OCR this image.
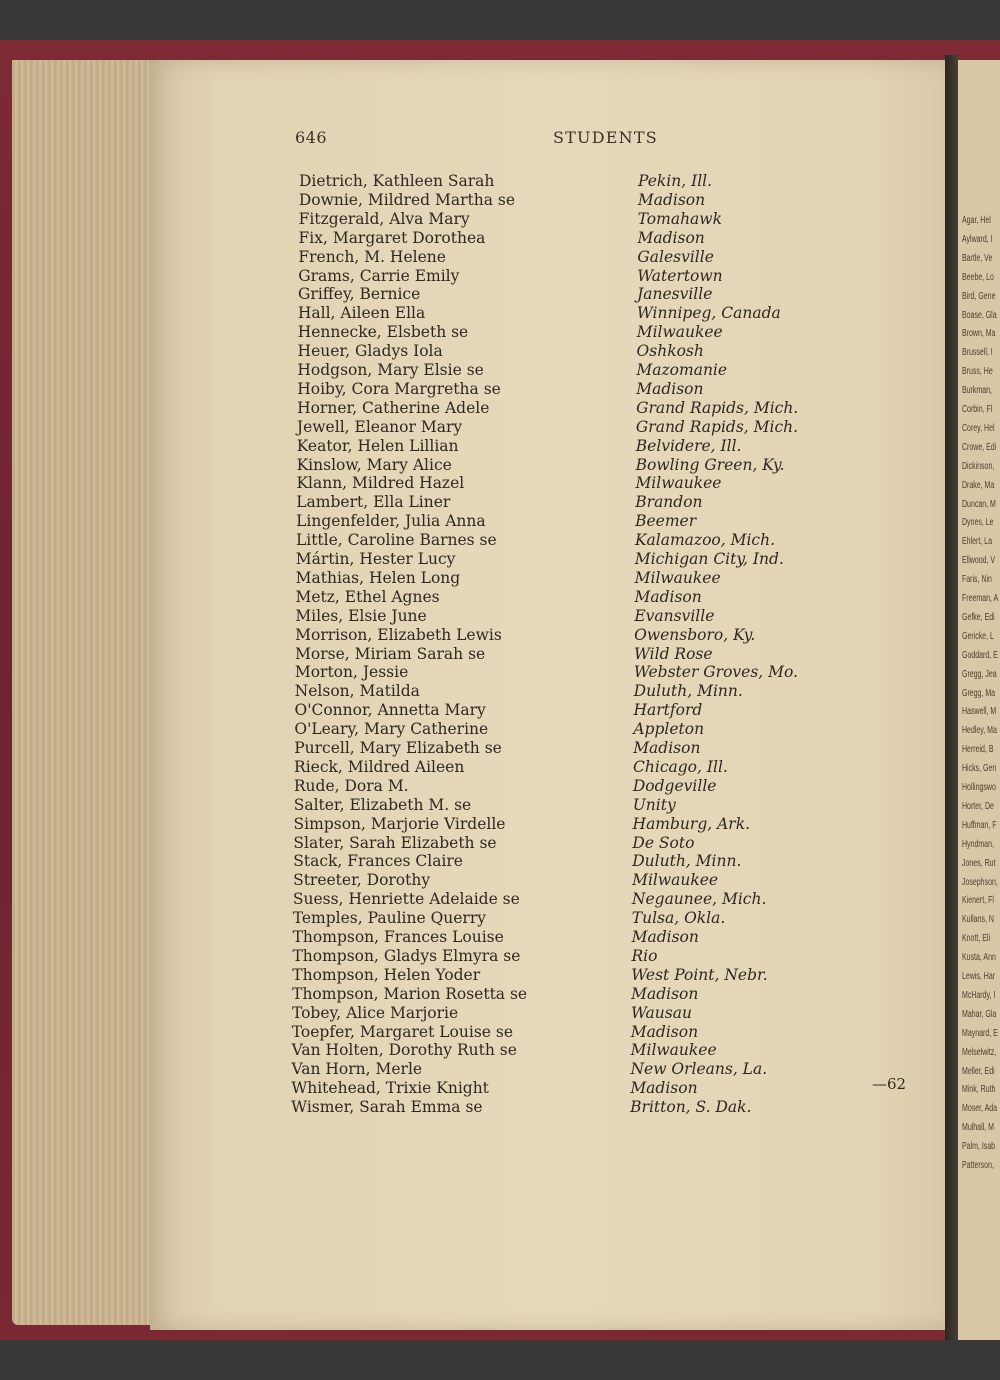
Agar, Hel
Aylward, I
Bartle, Ve
Beebe, Lo
Bird, Gene
Boase, Gla
Brown, Ma
Brussell, I
Bruss, He
Burkman,
Corbin, Fl
Corey, Hel
Crowe, Edi
Dickinson,
Drake, Ma
Duncan, M
Dynes, Le
Ehlert, La
Ellwood, V
Faris, Nin
Freeman, A
Gefke, Edi
Gericke, L
Goddard, E
Gregg, Jea
Gregg, Ma
Haswell, M
Hedley, Ma
Herreid, B
Hicks, Gen
Hollingswo
Horter, De
Huffman, F
Hyndman,
Jones, Rut
Josephson,
Kienert, Fl
Kullans, N
Knott, Eli
Kusta, Ann
Lewis, Har
McHardy, I
Mahar, Gla
Maynard, E
Melselwitz,
Meller, Edi
Mink, Ruth
Moser, Ada
Mulhall, M
Palm, Isab
Patterson,
646	STUDENTS
Dietrich, Kathleen Sarah	Pekin, Ill.
Downie, Mildred Martha se	Madison
Fitzgerald, Alva Mary	Tomahawk
Fix, Margaret Dorothea	Madison
French, M. Helene	Galesville
Grams, Carrie Emily	Watertown
Griffey, Bernice	Janesville
Hall, Aileen Ella	Winnipeg, Canada
Hennecke, Elsbeth se	Milwaukee
Heuer, Gladys Iola	Oshkosh
Hodgson, Mary Elsie se	Mazomanie
Hoiby, Cora Margretha se	Madison
Horner, Catherine Adele	Grand Rapids, Mich.
Jewell, Eleanor Mary	Grand Rapids, Mich.
Keator, Helen Lillian	Belvidere, Ill.
Kinslow, Mary Alice	Bowling Green, Ky.
Klann, Mildred Hazel	Milwaukee
Lambert, Ella Liner	Brandon
Lingenfelder, Julia Anna	Beemer
Little, Caroline Barnes se	Kalamazoo, Mich.
Mártin, Hester Lucy	Michigan City, Ind.
Mathias, Helen Long	Milwaukee
Metz, Ethel Agnes	Madison
Miles, Elsie June	Evansville
Morrison, Elizabeth Lewis	Owensboro, Ky.
Morse, Miriam Sarah se	Wild Rose
Morton, Jessie	Webster Groves, Mo.
Nelson, Matilda	Duluth, Minn.
O'Connor, Annetta Mary	Hartford
O'Leary, Mary Catherine	Appleton
Purcell, Mary Elizabeth se	Madison
Rieck, Mildred Aileen	Chicago, Ill.
Rude, Dora M.	Dodgeville
Salter, Elizabeth M. se	Unity
Simpson, Marjorie Virdelle	Hamburg, Ark.
Slater, Sarah Elizabeth se	De Soto
Stack, Frances Claire	Duluth, Minn.
Streeter, Dorothy	Milwaukee
Suess, Henriette Adelaide se	Negaunee, Mich.
Temples, Pauline Querry	Tulsa, Okla.
Thompson, Frances Louise	Madison
Thompson, Gladys Elmyra se	Rio
Thompson, Helen Yoder	West Point, Nebr.
Thompson, Marion Rosetta se	Madison
Tobey, Alice Marjorie	Wausau
Toepfer, Margaret Louise se	Madison
Van Holten, Dorothy Ruth se	Milwaukee
Van Horn, Merle	New Orleans, La.
Whitehead, Trixie Knight	Madison
Wismer, Sarah Emma se	Britton, S. Dak.
—62
